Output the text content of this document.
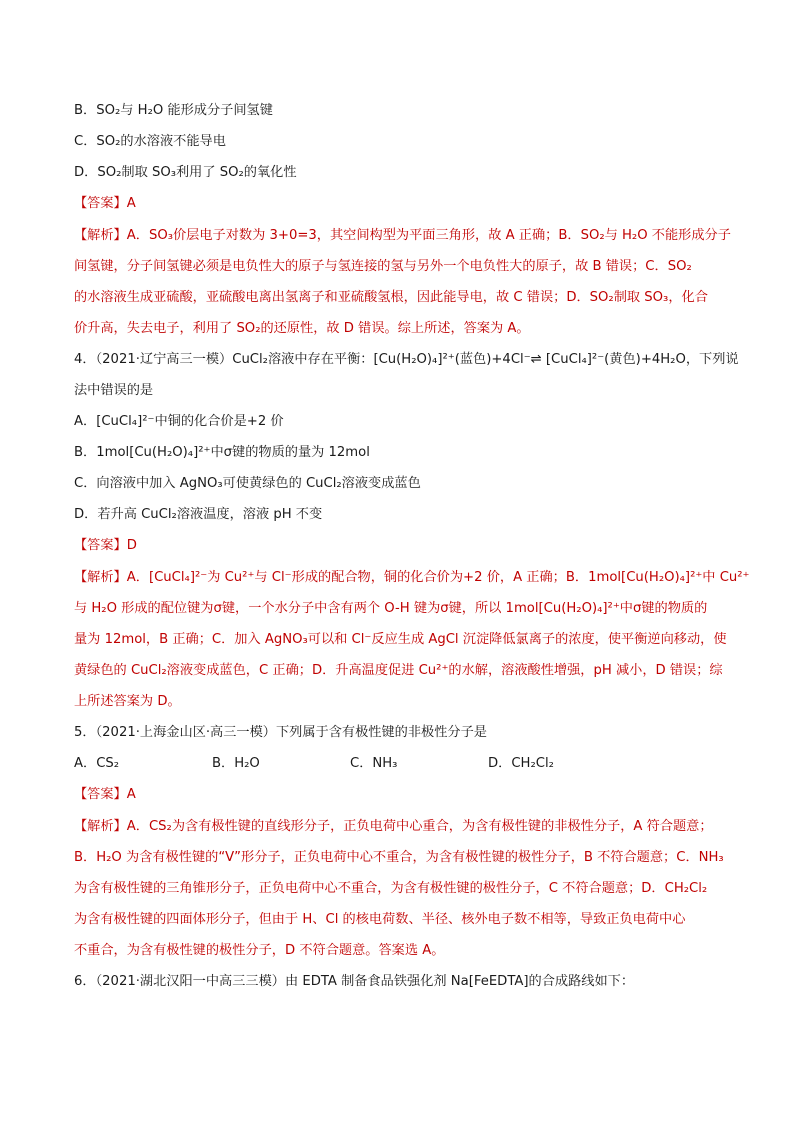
B．SO₂与 H₂O 能形成分子间氢键

C．SO₂的水溶液不能导电

D．SO₂制取 SO₃利用了 SO₂的氧化性

【答案】A

【解析】A．SO₃价层电子对数为 3+0=3，其空间构型为平面三角形，故 A 正确；B．SO₂与 H₂O 不能形成分子

间氢键，分子间氢键必须是电负性大的原子与氢连接的氢与另外一个电负性大的原子，故 B 错误；C．SO₂

的水溶液生成亚硫酸，亚硫酸电离出氢离子和亚硫酸氢根，因此能导电，故 C 错误；D．SO₂制取 SO₃，化合

价升高，失去电子，利用了 SO₂的还原性，故 D 错误。综上所述，答案为 A。

4．（2021·辽宁高三一模）CuCl₂溶液中存在平衡：[Cu(H₂O)₄]²⁺(蓝色)+4Cl⁻⇌ [CuCl₄]²⁻(黄色)+4H₂O，下列说

法中错误的是

A．[CuCl₄]²⁻中铜的化合价是+2 价

B．1mol[Cu(H₂O)₄]²⁺中σ键的物质的量为 12mol

C．向溶液中加入 AgNO₃可使黄绿色的 CuCl₂溶液变成蓝色

D．若升高 CuCl₂溶液温度，溶液 pH 不变

【答案】D

【解析】A．[CuCl₄]²⁻为 Cu²⁺与 Cl⁻形成的配合物，铜的化合价为+2 价，A 正确；B．1mol[Cu(H₂O)₄]²⁺中 Cu²⁺

与 H₂O 形成的配位键为σ键，一个水分子中含有两个 O-H 键为σ键，所以 1mol[Cu(H₂O)₄]²⁺中σ键的物质的

量为 12mol，B 正确；C．加入 AgNO₃可以和 Cl⁻反应生成 AgCl 沉淀降低氯离子的浓度，使平衡逆向移动，使

黄绿色的 CuCl₂溶液变成蓝色，C 正确；D．升高温度促进 Cu²⁺的水解，溶液酸性增强，pH 减小，D 错误；综

上所述答案为 D。

5．（2021·上海金山区·高三一模）下列属于含有极性键的非极性分子是

A．CS₂	B．H₂O	C．NH₃	D．CH₂Cl₂

【答案】A

【解析】A．CS₂为含有极性键的直线形分子，正负电荷中心重合，为含有极性键的非极性分子，A 符合题意；

B．H₂O 为含有极性键的“V”形分子，正负电荷中心不重合，为含有极性键的极性分子，B 不符合题意；C．NH₃

为含有极性键的三角锥形分子，正负电荷中心不重合，为含有极性键的极性分子，C 不符合题意；D．CH₂Cl₂

为含有极性键的四面体形分子，但由于 H、Cl 的核电荷数、半径、核外电子数不相等，导致正负电荷中心

不重合，为含有极性键的极性分子，D 不符合题意。答案选 A。

6．（2021·湖北汉阳一中高三三模）由 EDTA 制备食品铁强化剂 Na[FeEDTA]的合成路线如下：
